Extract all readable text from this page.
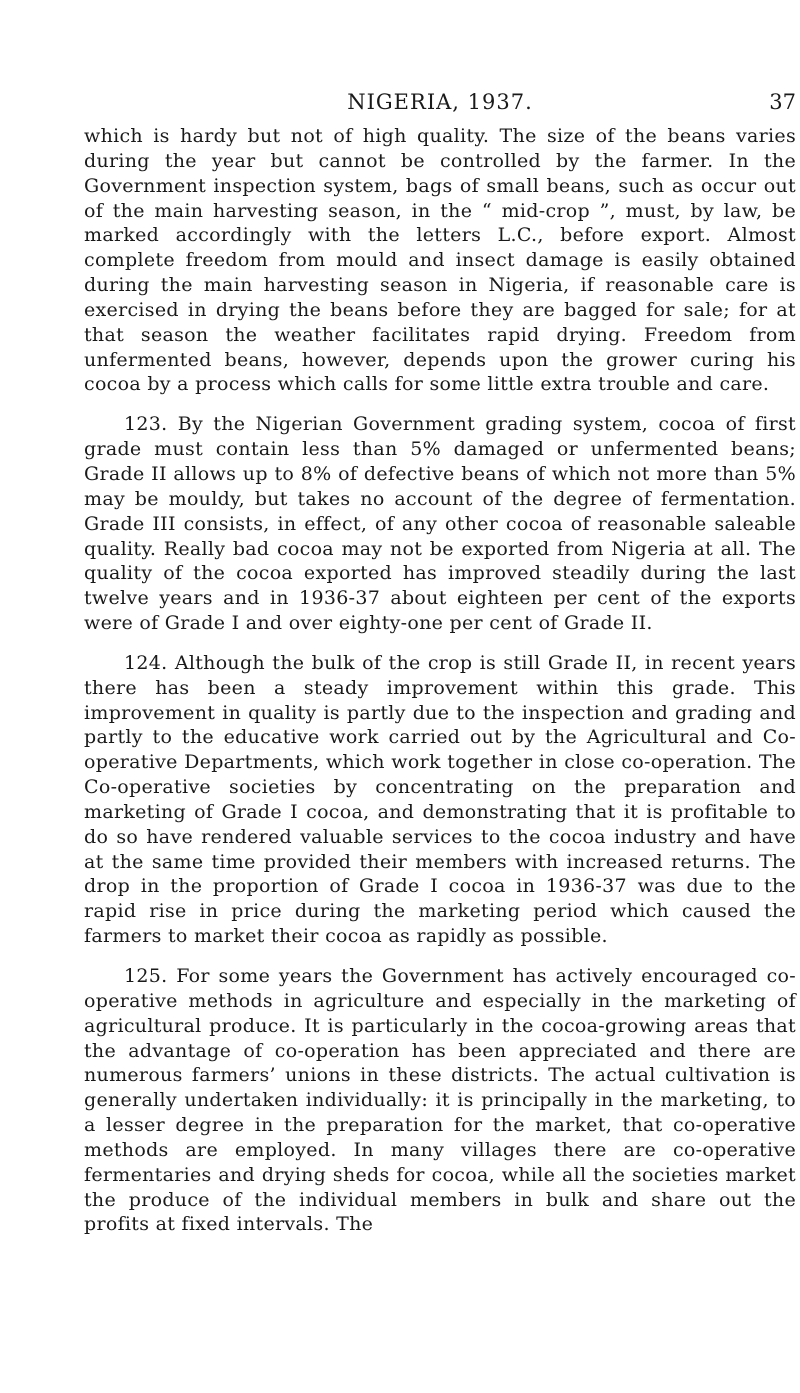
NIGERIA, 1937.	37

which is hardy but not of high quality. The size of the beans varies during the year but cannot be controlled by the farmer. In the Government inspection system, bags of small beans, such as occur out of the main harvesting season, in the “ mid-crop ”, must, by law, be marked accordingly with the letters L.C., before export. Almost complete freedom from mould and insect damage is easily obtained during the main harvesting season in Nigeria, if reasonable care is exercised in drying the beans before they are bagged for sale; for at that season the weather facilitates rapid drying. Freedom from unfermented beans, however, depends upon the grower curing his cocoa by a process which calls for some little extra trouble and care.

123. By the Nigerian Government grading system, cocoa of first grade must contain less than 5% damaged or unfermented beans; Grade II allows up to 8% of defective beans of which not more than 5% may be mouldy, but takes no account of the degree of fermentation. Grade III consists, in effect, of any other cocoa of reasonable saleable quality. Really bad cocoa may not be exported from Nigeria at all. The quality of the cocoa exported has improved steadily during the last twelve years and in 1936-37 about eighteen per cent of the exports were of Grade I and over eighty-one per cent of Grade II.

124. Although the bulk of the crop is still Grade II, in recent years there has been a steady improvement within this grade. This improvement in quality is partly due to the inspection and grading and partly to the educative work carried out by the Agricultural and Co-operative Departments, which work together in close co-operation. The Co-operative societies by concentrating on the preparation and marketing of Grade I cocoa, and demonstrating that it is profitable to do so have rendered valuable services to the cocoa industry and have at the same time provided their members with increased returns. The drop in the proportion of Grade I cocoa in 1936-37 was due to the rapid rise in price during the marketing period which caused the farmers to market their cocoa as rapidly as possible.

125. For some years the Government has actively encouraged co-operative methods in agriculture and especially in the marketing of agricultural produce. It is particularly in the cocoa-growing areas that the advantage of co-operation has been appreciated and there are numerous farmers’ unions in these districts. The actual cultivation is generally undertaken individually: it is principally in the marketing, to a lesser degree in the preparation for the market, that co-operative methods are employed. In many villages there are co-operative fermentaries and drying sheds for cocoa, while all the societies market the produce of the individual members in bulk and share out the profits at fixed intervals. The
